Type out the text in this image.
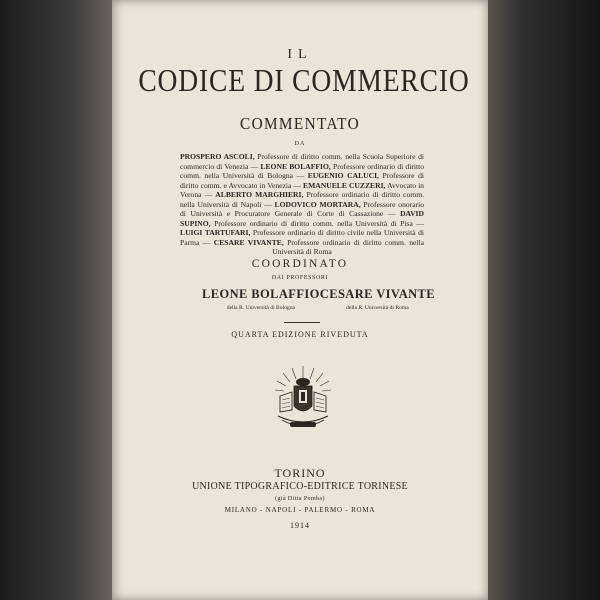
IL
CODICE DI COMMERCIO
COMMENTATO
DA
PROSPERO ASCOLI, Professore di diritto comm. nella Scuola Superiore di commercio di Venezia — LEONE BOLAFFIO, Professore ordinario di diritto comm. nella Università di Bologna — EUGENIO CALUCI, Professore di diritto comm. e Avvocato in Venezia — EMANUELE CUZZERI, Avvocato in Verona — ALBERTO MARGHIERI, Professore ordinario di diritto comm. nella Università di Napoli — LODOVICO MORTARA, Professore onorario di Università e Procuratore Generale di Corte di Cassazione — DAVID SUPINO, Professore ordinario di diritto comm. nella Università di Pisa — LUIGI TARTUFARI, Professore ordinario di diritto civile nella Università di Parma — CESARE VIVANTE, Professore ordinario di diritto comm. nella Università di Roma
COORDINATO
DAI PROFESSORI
LEONE BOLAFFIO
della R. Università di Bologna
CESARE VIVANTE
della R. Università di Roma
QUARTA EDIZIONE RIVEDUTA
TORINO
UNIONE TIPOGRAFICO-EDITRICE TORINESE
(già Ditta Pomba)
MILANO - NAPOLI - PALERMO - ROMA
1914
